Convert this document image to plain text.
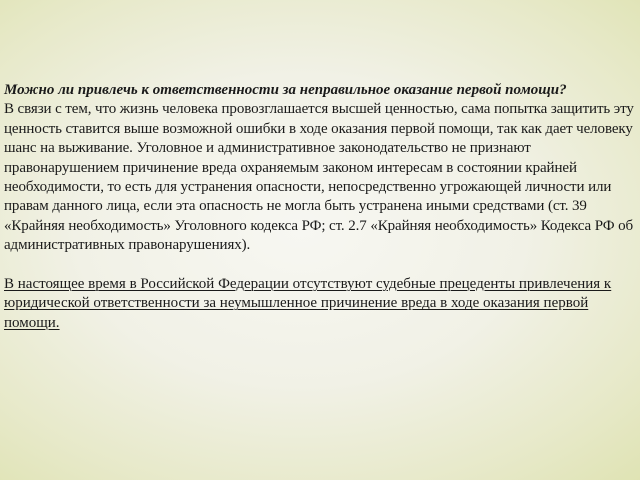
Можно ли привлечь к ответственности за неправильное оказание первой помощи?

В связи с тем, что жизнь человека провозглашается высшей ценностью, сама попытка защитить эту ценность ставится выше возможной ошибки в ходе оказания первой помощи, так как дает человеку шанс на выживание. Уголовное и административное законодательство не признают правонарушением причинение вреда охраняемым законом интересам в состоянии крайней необходимости, то есть для устранения опасности, непосредственно угрожающей личности или правам данного лица, если эта опасность не могла быть устранена иными средствами (ст. 39 «Крайняя необходимость» Уголовного кодекса РФ; ст. 2.7 «Крайняя необходимость» Кодекса РФ об административных правонарушениях).

В настоящее время в Российской Федерации отсутствуют судебные прецеденты привлечения к юридической ответственности за неумышленное причинение вреда в ходе оказания первой помощи.
